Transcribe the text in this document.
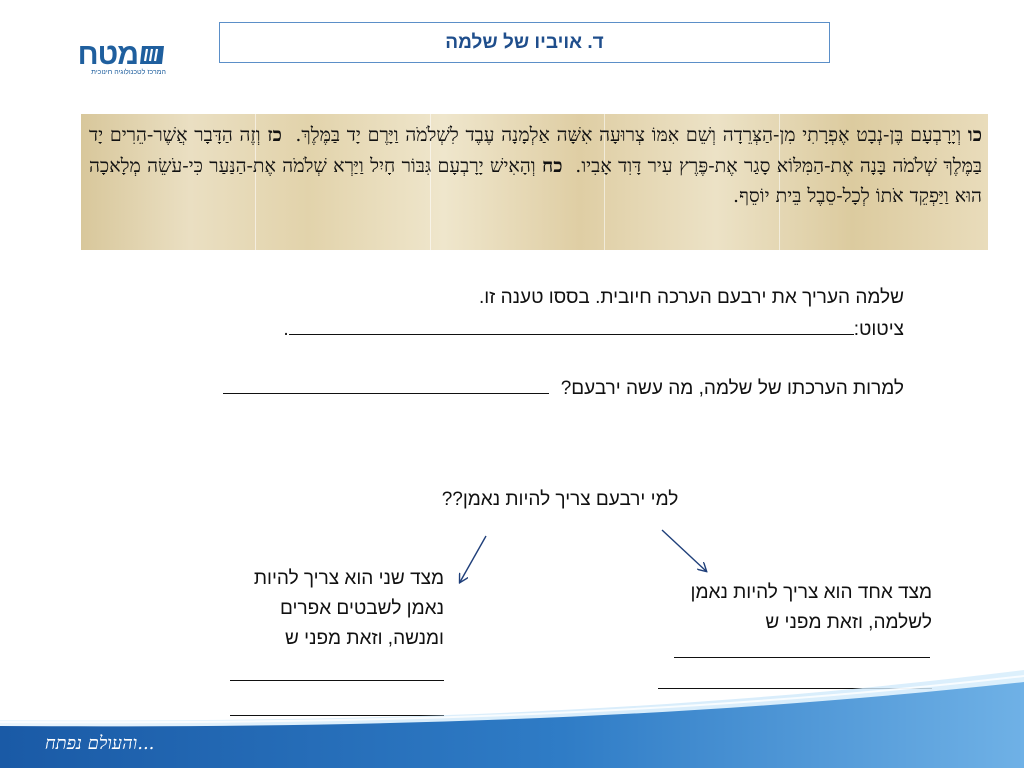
מטח
המרכז לטכנולוגיה חינוכית
ד. אויביו של שלמה
כו וְיָרָבְעָם בֶּן-נְבָט אֶפְרָתִי מִן-הַצְּרֵדָה וְשֵׁם אִמּוֹ צְרוּעָה אִשָּׁה אַלְמָנָה עֶבֶד לִשְׁלֹמֹה וַיָּרֶם יָד בַּמֶּלֶךְ.  כז וְזֶה הַדָּבָר אֲשֶׁר-הֵרִים יָד בַּמֶּלֶךְ שְׁלֹמֹה בָּנָה אֶת-הַמִּלּוֹא סָגַר אֶת-פֶּרֶץ עִיר דָּוִד אָבִיו.  כח וְהָאִישׁ יָרָבְעָם גִּבּוֹר חָיִל וַיַּרְא שְׁלֹמֹה אֶת-הַנַּעַר כִּי-עֹשֵׂה מְלָאכָה הוּא וַיַּפְקֵד אֹתוֹ לְכָל-סֵבֶל בֵּית יוֹסֵף.
שלמה העריך את ירבעם הערכה חיובית. בססו טענה זו.
ציטוט:.
למרות הערכתו של שלמה, מה עשה ירבעם?
למי ירבעם צריך להיות נאמן??
מצד אחד הוא צריך להיות נאמן לשלמה, וזאת מפני ש
מצד שני הוא צריך להיות נאמן לשבטים אפרים ומנשה, וזאת מפני ש
...והעולם נפתח
